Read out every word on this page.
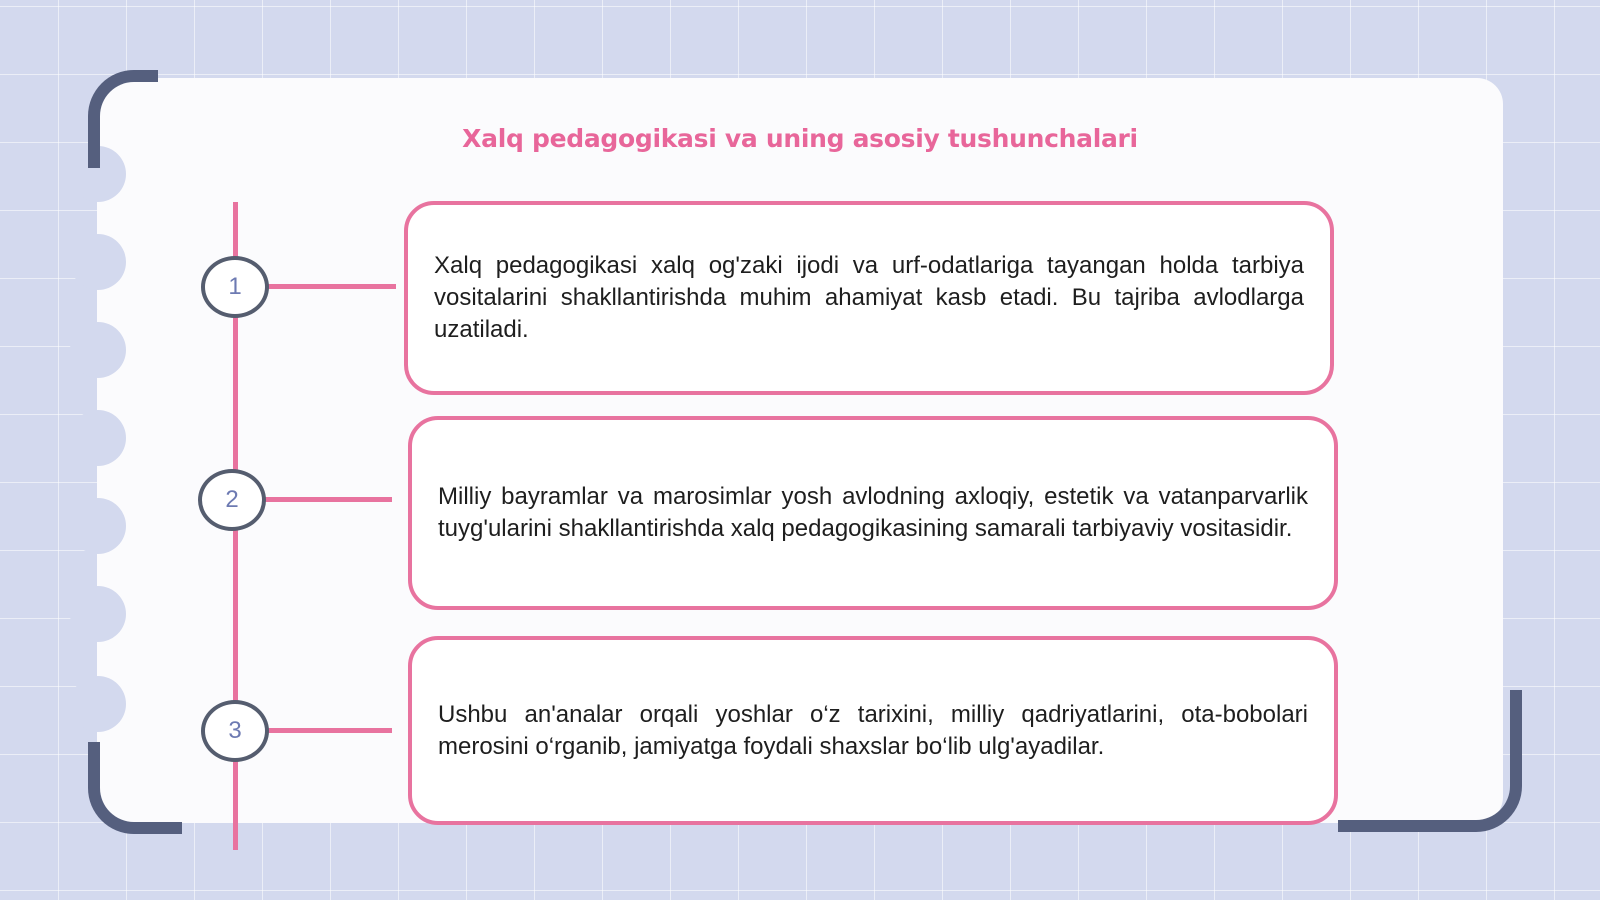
Xalq pedagogikasi va uning asosiy tushunchalari
1
2
3

Xalq pedagogikasi xalq og'zaki ijodi va urf-odatlariga tayangan holda tarbiya vositalarini shakllantirishda muhim ahamiyat kasb etadi. Bu tajriba avlodlarga uzatiladi.

Milliy bayramlar va marosimlar yosh avlodning axloqiy, estetik va vatanparvarlik tuyg'ularini shakllantirishda xalq pedagogikasining samarali tarbiyaviy vositasidir.

Ushbu an'analar orqali yoshlar o‘z tarixini, milliy qadriyatlarini, ota-bobolari merosini o‘rganib, jamiyatga foydali shaxslar bo‘lib ulg'ayadilar.
